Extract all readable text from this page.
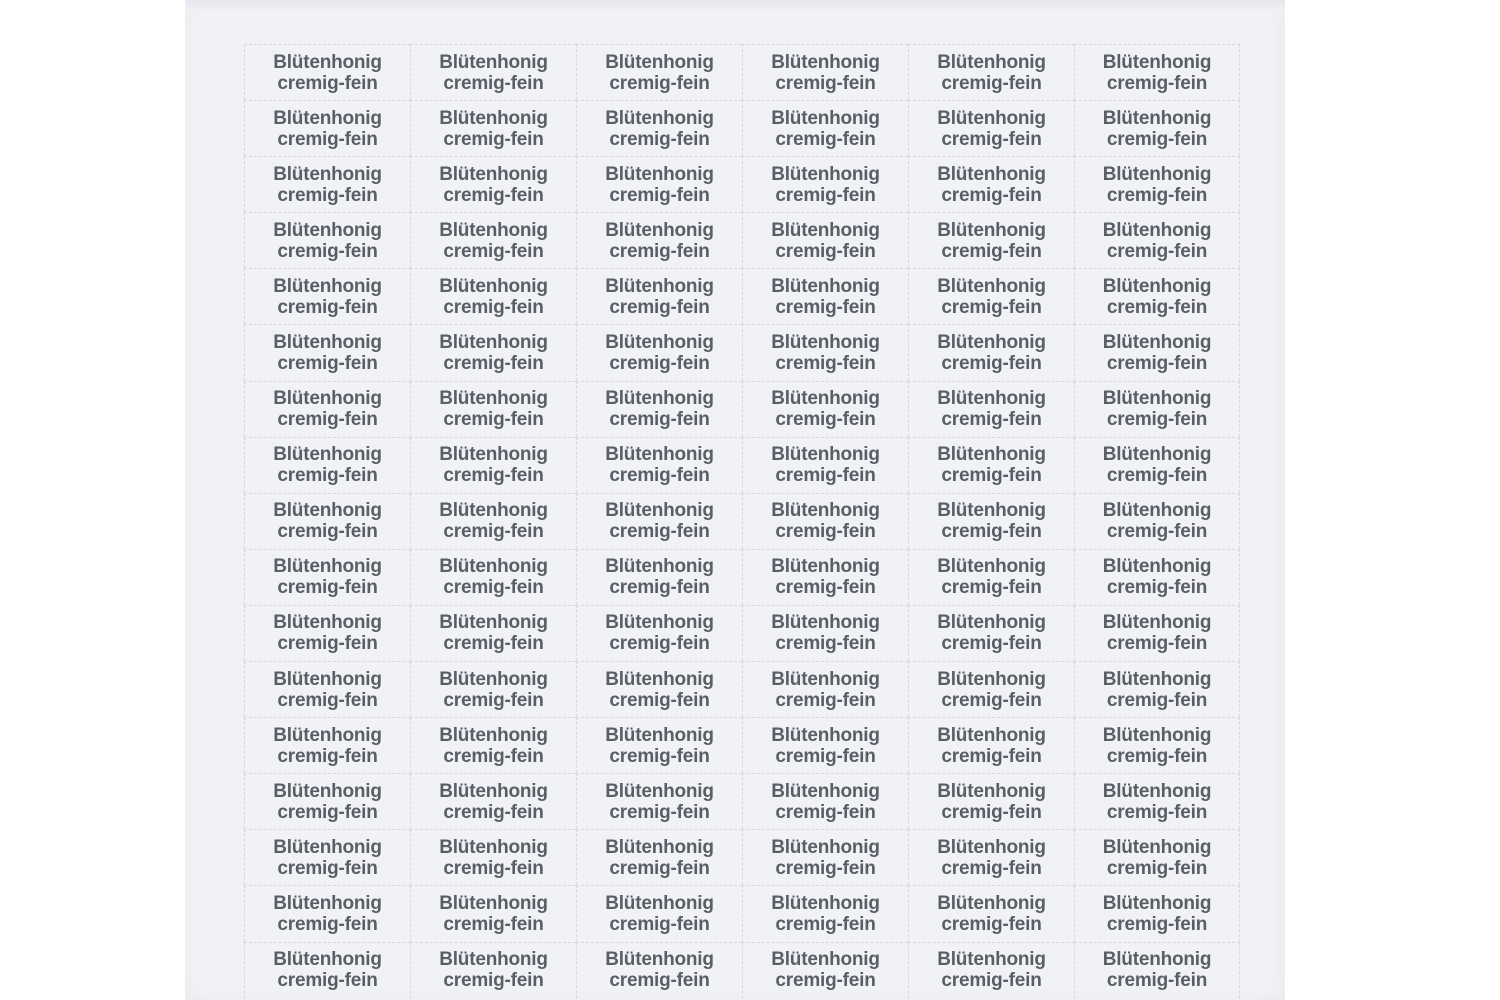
Blütenhonig
cremig-fein
Blütenhonig
cremig-fein
Blütenhonig
cremig-fein
Blütenhonig
cremig-fein
Blütenhonig
cremig-fein
Blütenhonig
cremig-fein
Blütenhonig
cremig-fein
Blütenhonig
cremig-fein
Blütenhonig
cremig-fein
Blütenhonig
cremig-fein
Blütenhonig
cremig-fein
Blütenhonig
cremig-fein
Blütenhonig
cremig-fein
Blütenhonig
cremig-fein
Blütenhonig
cremig-fein
Blütenhonig
cremig-fein
Blütenhonig
cremig-fein
Blütenhonig
cremig-fein
Blütenhonig
cremig-fein
Blütenhonig
cremig-fein
Blütenhonig
cremig-fein
Blütenhonig
cremig-fein
Blütenhonig
cremig-fein
Blütenhonig
cremig-fein
Blütenhonig
cremig-fein
Blütenhonig
cremig-fein
Blütenhonig
cremig-fein
Blütenhonig
cremig-fein
Blütenhonig
cremig-fein
Blütenhonig
cremig-fein
Blütenhonig
cremig-fein
Blütenhonig
cremig-fein
Blütenhonig
cremig-fein
Blütenhonig
cremig-fein
Blütenhonig
cremig-fein
Blütenhonig
cremig-fein
Blütenhonig
cremig-fein
Blütenhonig
cremig-fein
Blütenhonig
cremig-fein
Blütenhonig
cremig-fein
Blütenhonig
cremig-fein
Blütenhonig
cremig-fein
Blütenhonig
cremig-fein
Blütenhonig
cremig-fein
Blütenhonig
cremig-fein
Blütenhonig
cremig-fein
Blütenhonig
cremig-fein
Blütenhonig
cremig-fein
Blütenhonig
cremig-fein
Blütenhonig
cremig-fein
Blütenhonig
cremig-fein
Blütenhonig
cremig-fein
Blütenhonig
cremig-fein
Blütenhonig
cremig-fein
Blütenhonig
cremig-fein
Blütenhonig
cremig-fein
Blütenhonig
cremig-fein
Blütenhonig
cremig-fein
Blütenhonig
cremig-fein
Blütenhonig
cremig-fein
Blütenhonig
cremig-fein
Blütenhonig
cremig-fein
Blütenhonig
cremig-fein
Blütenhonig
cremig-fein
Blütenhonig
cremig-fein
Blütenhonig
cremig-fein
Blütenhonig
cremig-fein
Blütenhonig
cremig-fein
Blütenhonig
cremig-fein
Blütenhonig
cremig-fein
Blütenhonig
cremig-fein
Blütenhonig
cremig-fein
Blütenhonig
cremig-fein
Blütenhonig
cremig-fein
Blütenhonig
cremig-fein
Blütenhonig
cremig-fein
Blütenhonig
cremig-fein
Blütenhonig
cremig-fein
Blütenhonig
cremig-fein
Blütenhonig
cremig-fein
Blütenhonig
cremig-fein
Blütenhonig
cremig-fein
Blütenhonig
cremig-fein
Blütenhonig
cremig-fein
Blütenhonig
cremig-fein
Blütenhonig
cremig-fein
Blütenhonig
cremig-fein
Blütenhonig
cremig-fein
Blütenhonig
cremig-fein
Blütenhonig
cremig-fein
Blütenhonig
cremig-fein
Blütenhonig
cremig-fein
Blütenhonig
cremig-fein
Blütenhonig
cremig-fein
Blütenhonig
cremig-fein
Blütenhonig
cremig-fein
Blütenhonig
cremig-fein
Blütenhonig
cremig-fein
Blütenhonig
cremig-fein
Blütenhonig
cremig-fein
Blütenhonig
cremig-fein
Blütenhonig
cremig-fein
